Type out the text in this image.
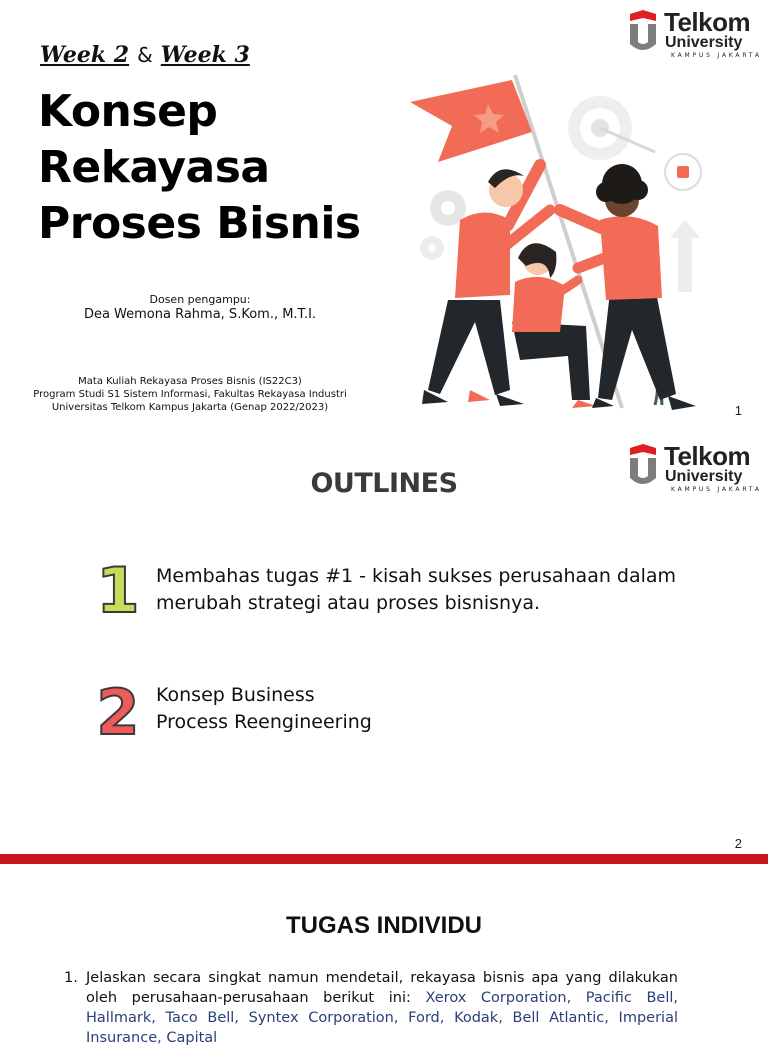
Telkom
University
KAMPUS JAKARTA
Week 2 & Week 3
Konsep
Rekayasa
Proses Bisnis
Dosen pengampu:
Dea Wemona Rahma, S.Kom., M.T.I.
Mata Kuliah Rekayasa Proses Bisnis (IS22C3)
Program Studi S1 Sistem Informasi, Fakultas Rekayasa Industri
Universitas Telkom Kampus Jakarta (Genap 2022/2023)	1
Telkom
University
KAMPUS JAKARTA
OUTLINES
1 Membahas tugas #1 - kisah sukses perusahaan dalam
merubah strategi atau proses bisnisnya.
2 Konsep Business
Process Reengineering
2
TUGAS INDIVIDU
1. Jelaskan secara singkat namun mendetail, rekayasa bisnis apa yang dilakukan oleh perusahaan-perusahaan berikut ini: Xerox Corporation, Pacific Bell, Hallmark, Taco Bell, Syntex Corporation, Ford, Kodak, Bell Atlantic, Imperial Insurance, Capital
